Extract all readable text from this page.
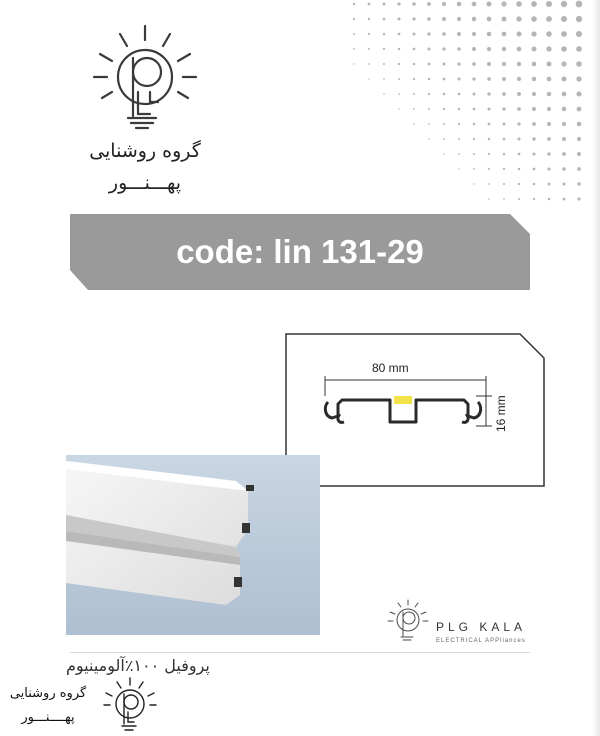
گروه روشنایی
پهـــنـــور
code: lin 131-29
80 mm
16 mm
PLG KALA
ELECTRICAL APPliances
پروفیل ۱۰۰٪آلومینیوم
گروه روشنایی
پهــــنـــور
